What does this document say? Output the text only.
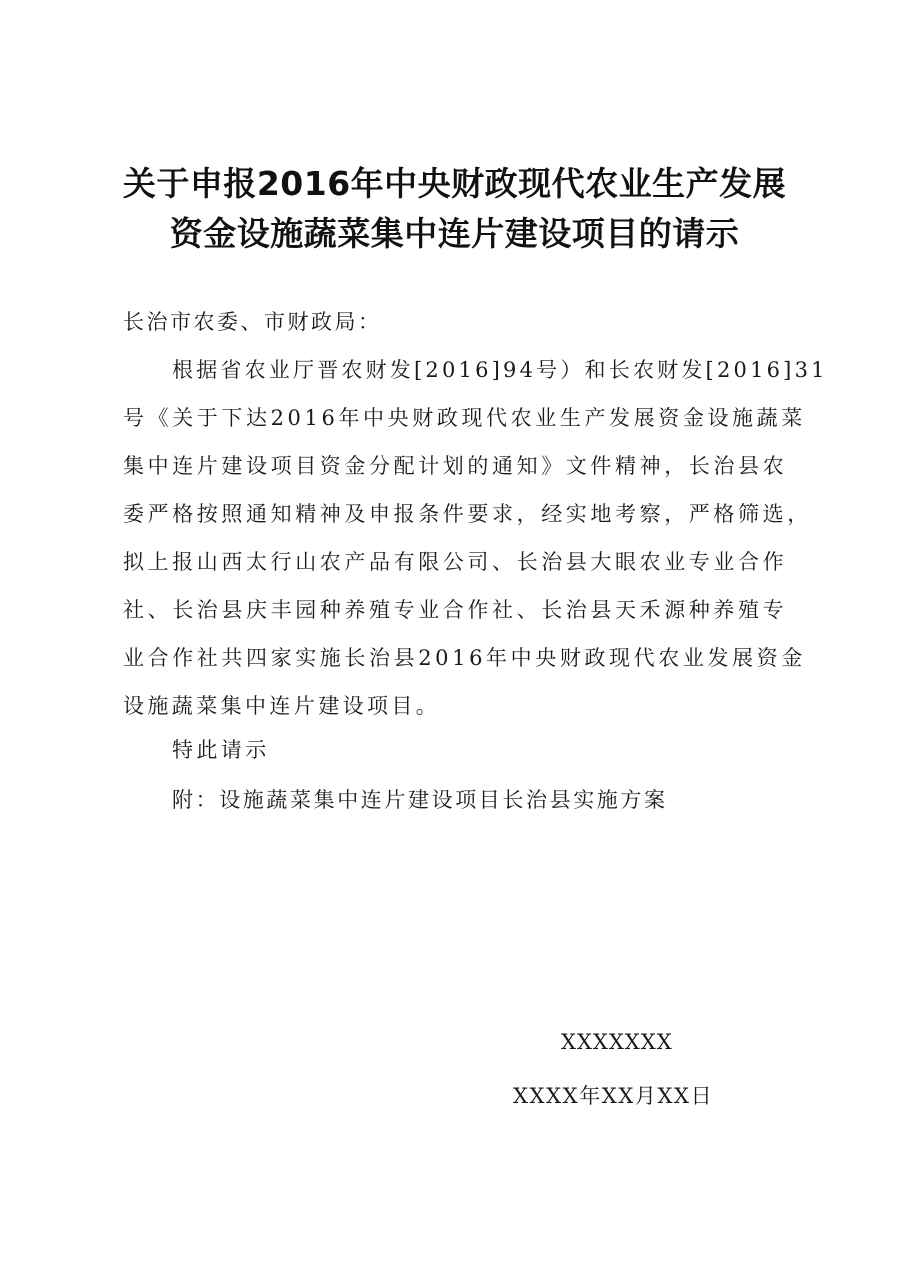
关于申报2016年中央财政现代农业生产发展
资金设施蔬菜集中连片建设项目的请示
长治市农委、市财政局：
根据省农业厅晋农财发[2016]94号）和长农财发[2016]31
号《关于下达2016年中央财政现代农业生产发展资金设施蔬菜
集中连片建设项目资金分配计划的通知》文件精神，长治县农
委严格按照通知精神及申报条件要求，经实地考察，严格筛选，
拟上报山西太行山农产品有限公司、长治县大眼农业专业合作
社、长治县庆丰园种养殖专业合作社、长治县天禾源种养殖专
业合作社共四家实施长治县2016年中央财政现代农业发展资金
设施蔬菜集中连片建设项目。
特此请示
附：设施蔬菜集中连片建设项目长治县实施方案
XXXXXXX
XXXX年XX月XX日
